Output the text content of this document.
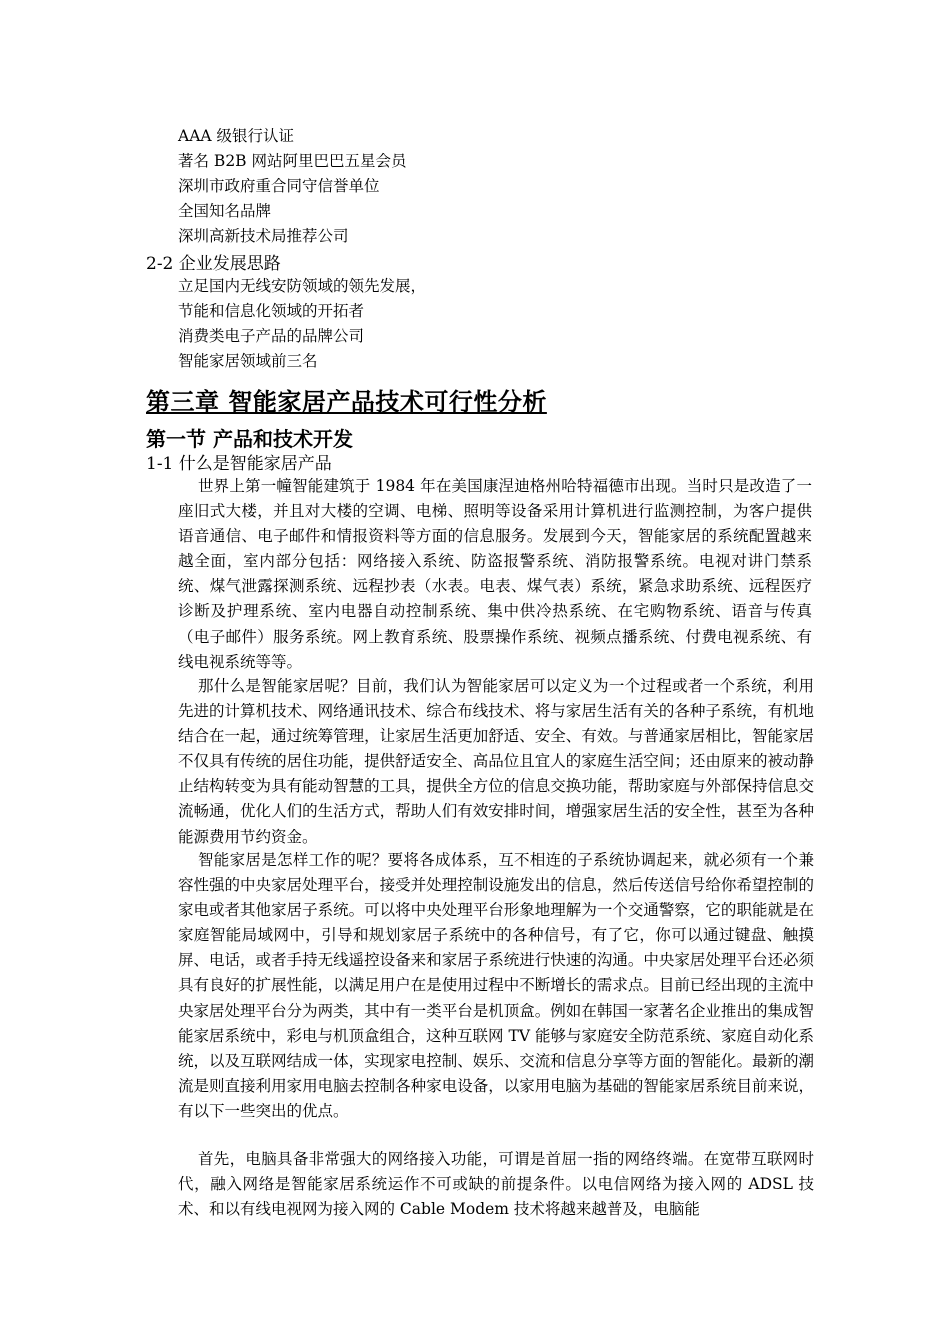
AAA 级银行认证
著名 B2B 网站阿里巴巴五星会员
深圳市政府重合同守信誉单位
全国知名品牌
深圳高新技术局推荐公司
2-2 企业发展思路
立足国内无线安防领域的领先发展，
节能和信息化领域的开拓者
消费类电子产品的品牌公司
智能家居领域前三名
第三章 智能家居产品技术可行性分析
第一节 产品和技术开发
1-1 什么是智能家居产品
世界上第一幢智能建筑于 1984 年在美国康涅迪格州哈特福德市出现。当时只是改造了一座旧式大楼，并且对大楼的空调、电梯、照明等设备采用计算机进行监测控制，为客户提供语音通信、电子邮件和情报资料等方面的信息服务。发展到今天，智能家居的系统配置越来越全面，室内部分包括：网络接入系统、防盗报警系统、消防报警系统。电视对讲门禁系统、煤气泄露探测系统、远程抄表（水表。电表、煤气表）系统，紧急求助系统、远程医疗诊断及护理系统、室内电器自动控制系统、集中供冷热系统、在宅购物系统、语音与传真（电子邮件）服务系统。网上教育系统、股票操作系统、视频点播系统、付费电视系统、有线电视系统等等。
那什么是智能家居呢？目前，我们认为智能家居可以定义为一个过程或者一个系统，利用先进的计算机技术、网络通讯技术、综合布线技术、将与家居生活有关的各种子系统，有机地结合在一起，通过统筹管理，让家居生活更加舒适、安全、有效。与普通家居相比，智能家居不仅具有传统的居住功能，提供舒适安全、高品位且宜人的家庭生活空间；还由原来的被动静止结构转变为具有能动智慧的工具，提供全方位的信息交换功能，帮助家庭与外部保持信息交流畅通，优化人们的生活方式，帮助人们有效安排时间，增强家居生活的安全性，甚至为各种能源费用节约资金。
智能家居是怎样工作的呢？要将各成体系，互不相连的子系统协调起来，就必须有一个兼容性强的中央家居处理平台，接受并处理控制设施发出的信息，然后传送信号给你希望控制的家电或者其他家居子系统。可以将中央处理平台形象地理解为一个交通警察，它的职能就是在家庭智能局域网中，引导和规划家居子系统中的各种信号，有了它，你可以通过键盘、触摸屏、电话，或者手持无线遥控设备来和家居子系统进行快速的沟通。中央家居处理平台还必须具有良好的扩展性能，以满足用户在是使用过程中不断增长的需求点。目前已经出现的主流中央家居处理平台分为两类，其中有一类平台是机顶盒。例如在韩国一家著名企业推出的集成智能家居系统中，彩电与机顶盒组合，这种互联网 TV 能够与家庭安全防范系统、家庭自动化系统，以及互联网结成一体，实现家电控制、娱乐、交流和信息分享等方面的智能化。最新的潮流是则直接利用家用电脑去控制各种家电设备，以家用电脑为基础的智能家居系统目前来说，有以下一些突出的优点。
首先，电脑具备非常强大的网络接入功能，可谓是首屈一指的网络终端。在宽带互联网时代，融入网络是智能家居系统运作不可或缺的前提条件。以电信网络为接入网的 ADSL 技术、和以有线电视网为接入网的 Cable Modem 技术将越来越普及，电脑能
